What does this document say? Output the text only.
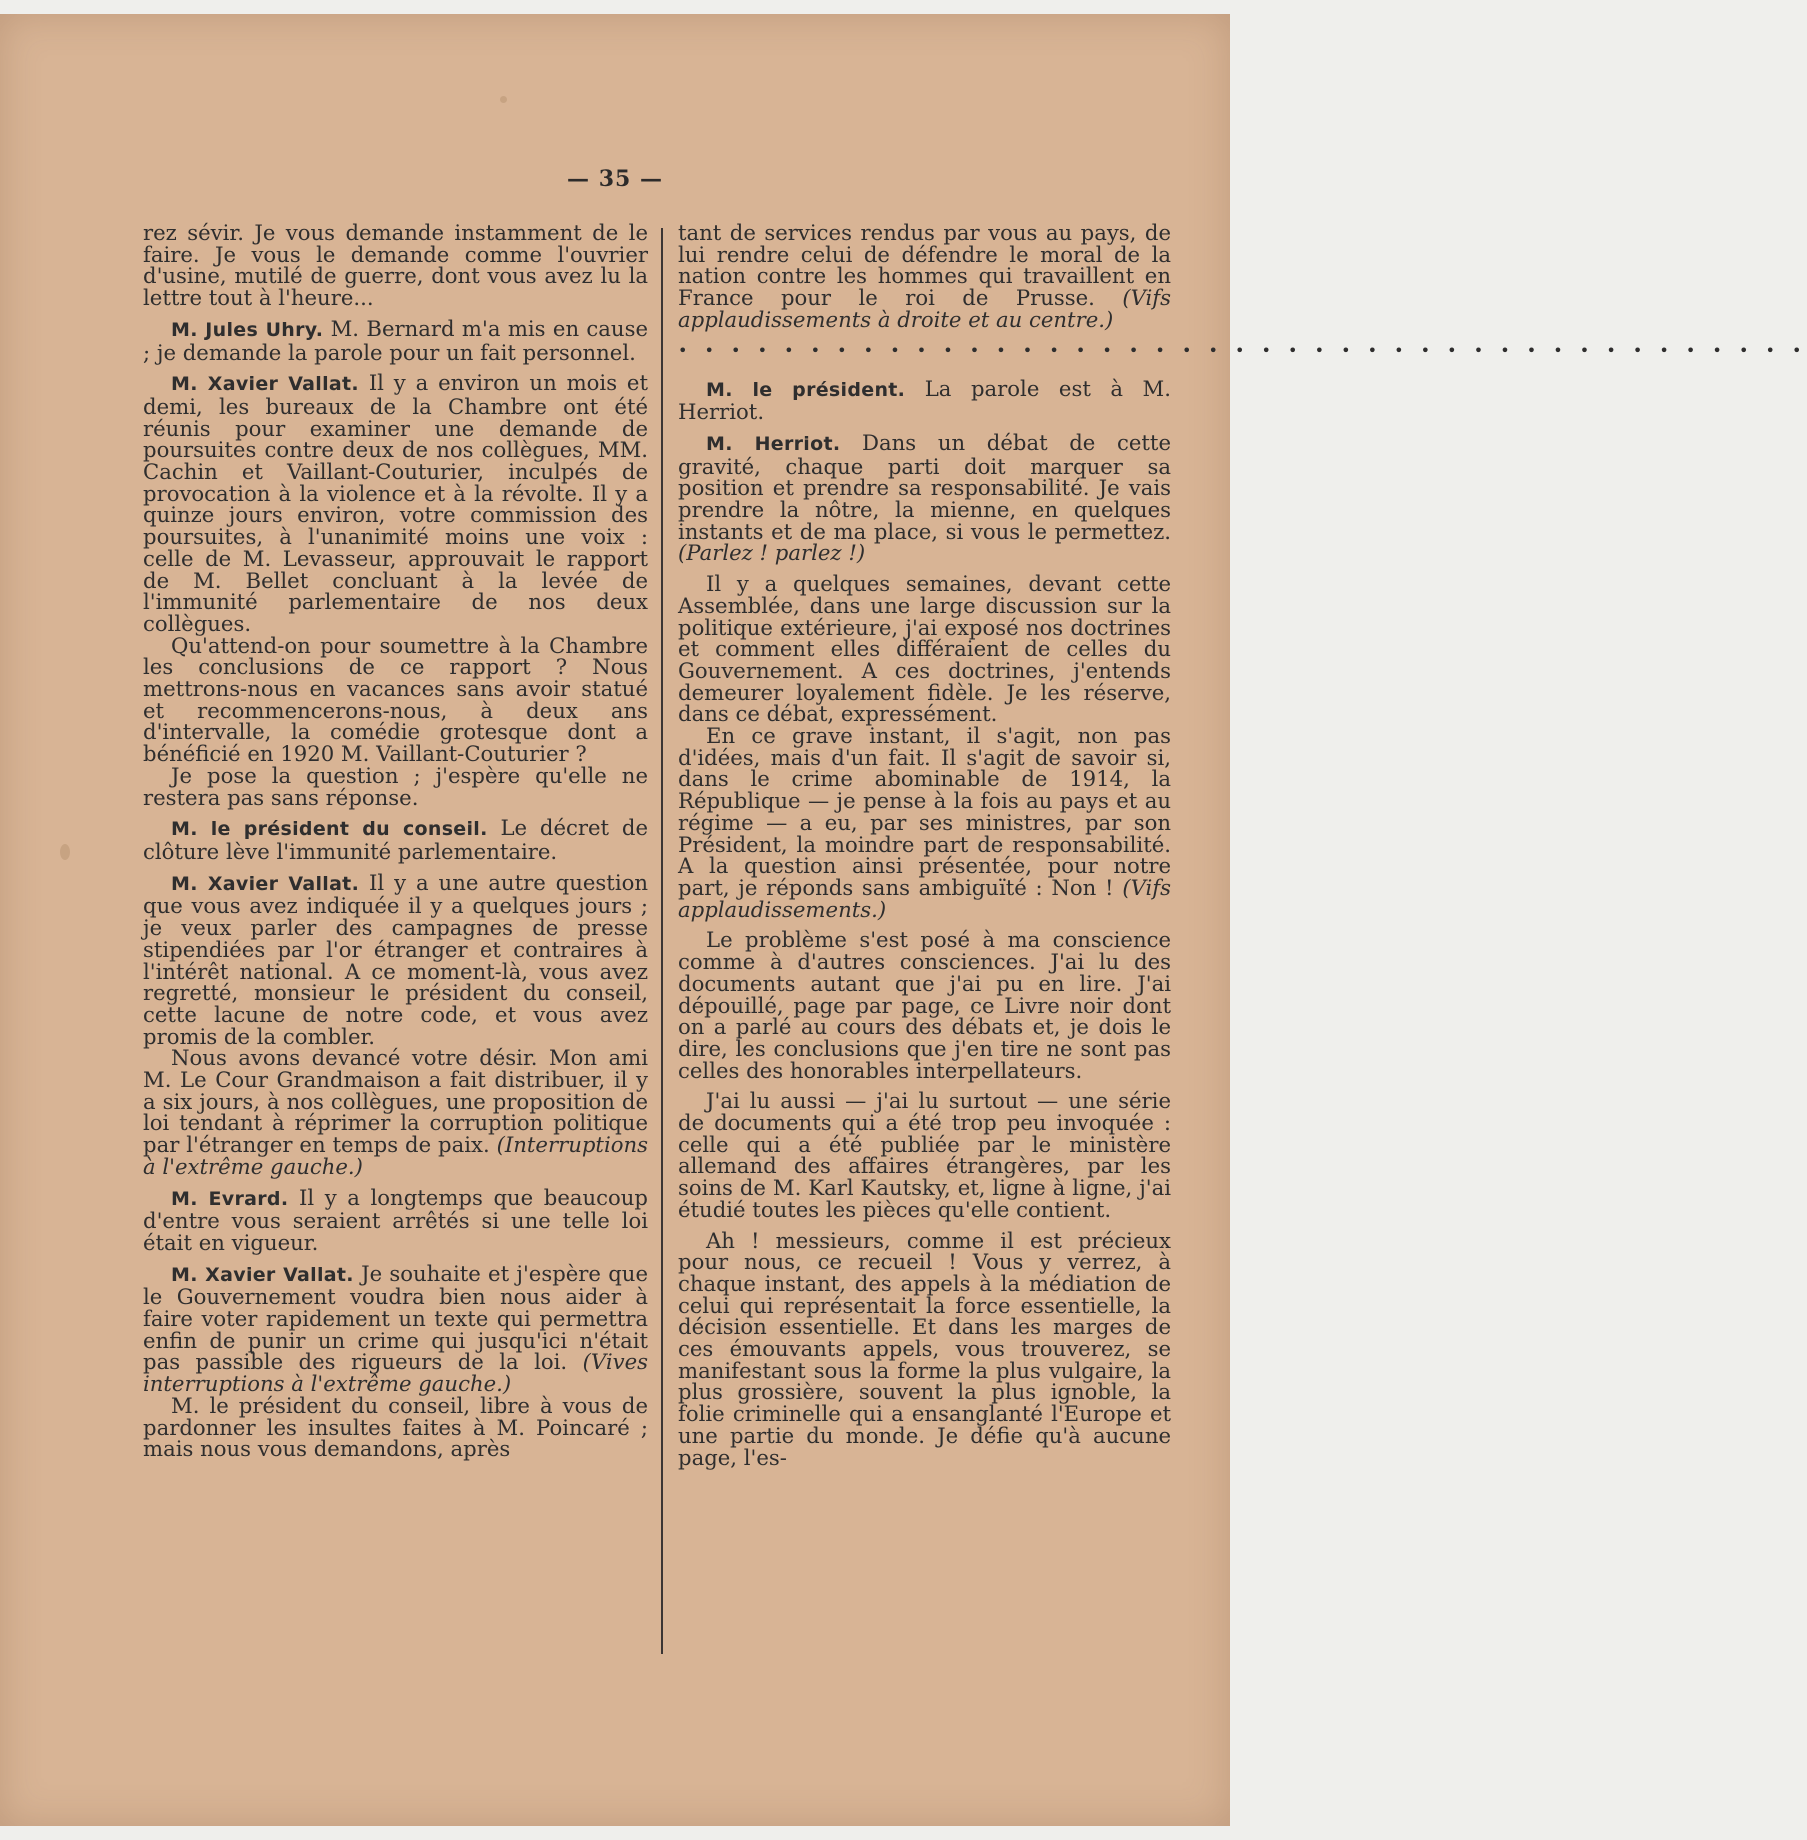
— 35 —

rez sévir. Je vous demande instamment de le faire. Je vous le demande comme l'ouvrier d'usine, mutilé de guerre, dont vous avez lu la lettre tout à l'heure...

M. Jules Uhry. M. Bernard m'a mis en cause ; je demande la parole pour un fait personnel.

M. Xavier Vallat. Il y a environ un mois et demi, les bureaux de la Chambre ont été réunis pour examiner une demande de poursuites contre deux de nos collègues, MM. Cachin et Vaillant-Couturier, inculpés de provocation à la violence et à la révolte. Il y a quinze jours environ, votre commission des poursuites, à l'unanimité moins une voix : celle de M. Levasseur, approuvait le rapport de M. Bellet concluant à la levée de l'immunité parlementaire de nos deux collègues.

Qu'attend-on pour soumettre à la Chambre les conclusions de ce rapport ? Nous mettrons-nous en vacances sans avoir statué et recommencerons-nous, à deux ans d'intervalle, la comédie grotesque dont a bénéficié en 1920 M. Vaillant-Couturier ?

Je pose la question ; j'espère qu'elle ne restera pas sans réponse.

M. le président du conseil. Le décret de clôture lève l'immunité parlementaire.

M. Xavier Vallat. Il y a une autre question que vous avez indiquée il y a quelques jours ; je veux parler des campagnes de presse stipendiées par l'or étranger et contraires à l'intérêt national. A ce moment-là, vous avez regretté, monsieur le président du conseil, cette lacune de notre code, et vous avez promis de la combler.

Nous avons devancé votre désir. Mon ami M. Le Cour Grandmaison a fait distribuer, il y a six jours, à nos collègues, une proposition de loi tendant à réprimer la corruption politique par l'étranger en temps de paix. (Interruptions à l'extrême gauche.)

M. Evrard. Il y a longtemps que beaucoup d'entre vous seraient arrêtés si une telle loi était en vigueur.

M. Xavier Vallat. Je souhaite et j'espère que le Gouvernement voudra bien nous aider à faire voter rapidement un texte qui permettra enfin de punir un crime qui jusqu'ici n'était pas passible des rigueurs de la loi. (Vives interruptions à l'extrême gauche.)

M. le président du conseil, libre à vous de pardonner les insultes faites à M. Poincaré ; mais nous vous demandons, après

tant de services rendus par vous au pays, de lui rendre celui de défendre le moral de la nation contre les hommes qui travaillent en France pour le roi de Prusse. (Vifs applaudissements à droite et au centre.)

• • • • • • • • • • • • • • • • • • • • • • • • • • • • • • • • • • • • • • • • • • •

M. le président. La parole est à M. Herriot.

M. Herriot. Dans un débat de cette gravité, chaque parti doit marquer sa position et prendre sa responsabilité. Je vais prendre la nôtre, la mienne, en quelques instants et de ma place, si vous le permettez. (Parlez ! parlez !)

Il y a quelques semaines, devant cette Assemblée, dans une large discussion sur la politique extérieure, j'ai exposé nos doctrines et comment elles différaient de celles du Gouvernement. A ces doctrines, j'entends demeurer loyalement fidèle. Je les réserve, dans ce débat, expressément.

En ce grave instant, il s'agit, non pas d'idées, mais d'un fait. Il s'agit de savoir si, dans le crime abominable de 1914, la République — je pense à la fois au pays et au régime — a eu, par ses ministres, par son Président, la moindre part de responsabilité. A la question ainsi présentée, pour notre part, je réponds sans ambiguïté : Non ! (Vifs applaudissements.)

Le problème s'est posé à ma conscience comme à d'autres consciences. J'ai lu des documents autant que j'ai pu en lire. J'ai dépouillé, page par page, ce Livre noir dont on a parlé au cours des débats et, je dois le dire, les conclusions que j'en tire ne sont pas celles des honorables interpellateurs.

J'ai lu aussi — j'ai lu surtout — une série de documents qui a été trop peu invoquée : celle qui a été publiée par le ministère allemand des affaires étrangères, par les soins de M. Karl Kautsky, et, ligne à ligne, j'ai étudié toutes les pièces qu'elle contient.

Ah ! messieurs, comme il est précieux pour nous, ce recueil ! Vous y verrez, à chaque instant, des appels à la médiation de celui qui représentait la force essentielle, la décision essentielle. Et dans les marges de ces émouvants appels, vous trouverez, se manifestant sous la forme la plus vulgaire, la plus grossière, souvent la plus ignoble, la folie criminelle qui a ensanglanté l'Europe et une partie du monde. Je défie qu'à aucune page, l'es-
